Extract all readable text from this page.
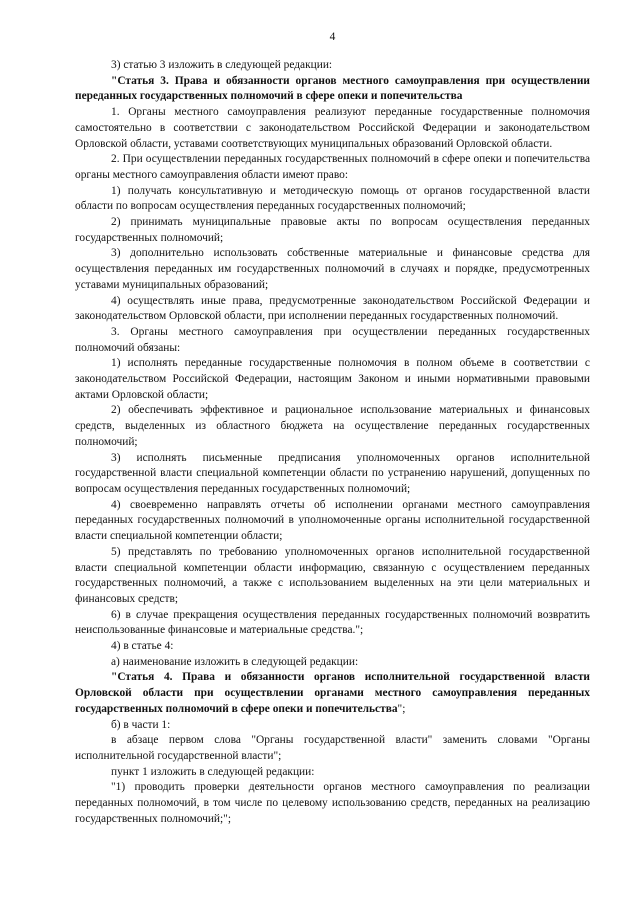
4

3) статью 3 изложить в следующей редакции:

"Статья 3. Права и обязанности органов местного самоуправления при осуществлении переданных государственных полномочий в сфере опеки и попечительства

1. Органы местного самоуправления реализуют переданные государственные полномочия самостоятельно в соответствии с законодательством Российской Федерации и законодательством Орловской области, уставами соответствующих муниципальных образований Орловской области.

2. При осуществлении переданных государственных полномочий в сфере опеки и попечительства органы местного самоуправления области имеют право:

1) получать консультативную и методическую помощь от органов государственной власти области по вопросам осуществления переданных государственных полномочий;

2) принимать муниципальные правовые акты по вопросам осуществления переданных государственных полномочий;

3) дополнительно использовать собственные материальные и финансовые средства для осуществления переданных им государственных полномочий в случаях и порядке, предусмотренных уставами муниципальных образований;

4) осуществлять иные права, предусмотренные законодательством Российской Федерации и законодательством Орловской области, при исполнении переданных государственных полномочий.

3. Органы местного самоуправления при осуществлении переданных государственных полномочий обязаны:

1) исполнять переданные государственные полномочия в полном объеме в соответствии с законодательством Российской Федерации, настоящим Законом и иными нормативными правовыми актами Орловской области;

2) обеспечивать эффективное и рациональное использование материальных и финансовых средств, выделенных из областного бюджета на осуществление переданных государственных полномочий;

3) исполнять письменные предписания уполномоченных органов исполнительной государственной власти специальной компетенции области по устранению нарушений, допущенных по вопросам осуществления переданных государственных полномочий;

4) своевременно направлять отчеты об исполнении органами местного самоуправления переданных государственных полномочий в уполномоченные органы исполнительной государственной власти специальной компетенции области;

5) представлять по требованию уполномоченных органов исполнительной государственной власти специальной компетенции области информацию, связанную с осуществлением переданных государственных полномочий, а также с использованием выделенных на эти цели материальных и финансовых средств;

6) в случае прекращения осуществления переданных государственных полномочий возвратить неиспользованные финансовые и материальные средства.";

4) в статье 4:

а) наименование изложить в следующей редакции:

"Статья 4. Права и обязанности органов исполнительной государственной власти Орловской области при осуществлении органами местного самоуправления переданных государственных полномочий в сфере опеки и попечительства";

б) в части 1:

в абзаце первом слова "Органы государственной власти" заменить словами "Органы исполнительной государственной власти";

пункт 1 изложить в следующей редакции:

"1) проводить проверки деятельности органов местного самоуправления по реализации переданных полномочий, в том числе по целевому использованию средств, переданных на реализацию государственных полномочий;";
